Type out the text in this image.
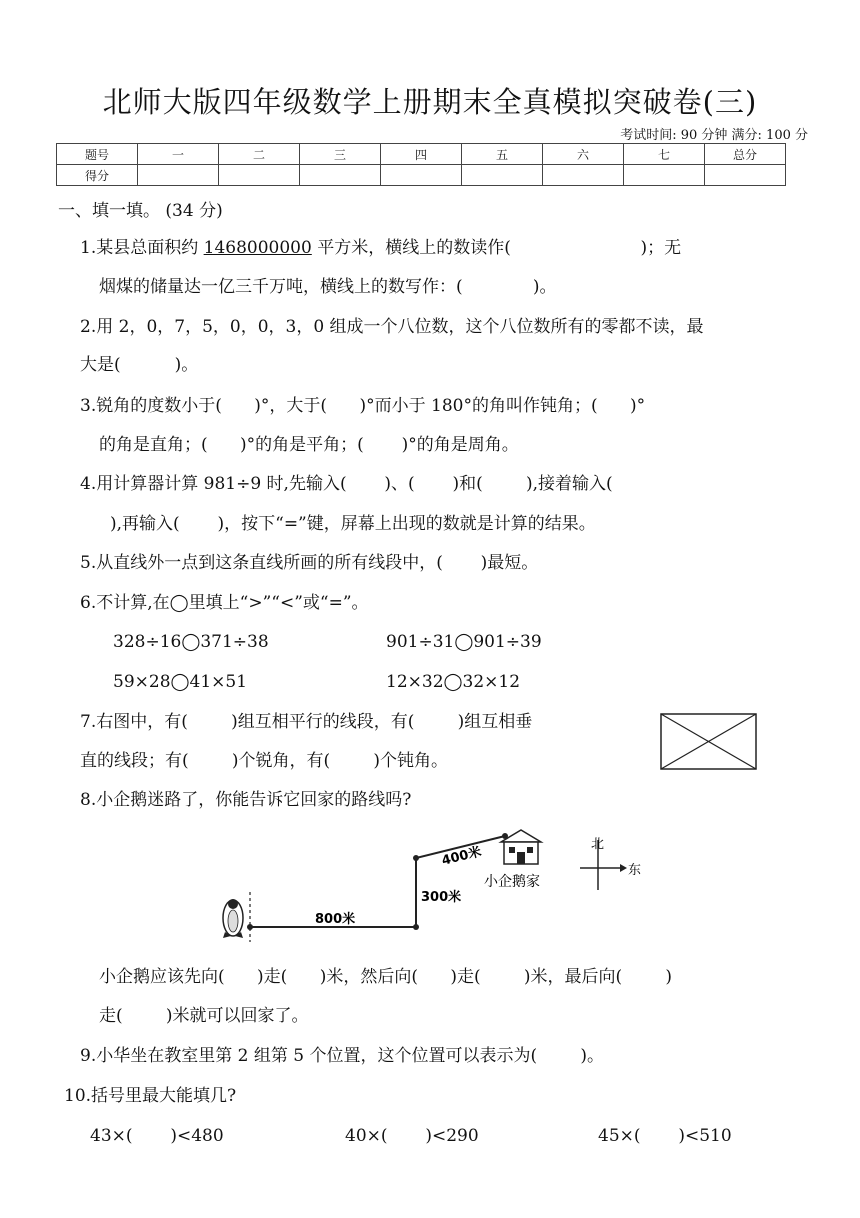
北师大版四年级数学上册期末全真模拟突破卷(三)
考试时间: 90 分钟 满分: 100 分
题号	一	二	三	四	五	六	七	总分
得分								
一、填一填。 (34 分)
1.某县总面积约 1468000000 平方米，横线上的数读作(                        )；无
烟煤的储量达一亿三千万吨，横线上的数写作：(             )。
2.用 2，0，7，5，0，0，3，0 组成一个八位数，这个八位数所有的零都不读，最
大是(          )。
3.锐角的度数小于(      )°，大于(      )°而小于 180°的角叫作钝角；(      )°
的角是直角；(      )°的角是平角；(       )°的角是周角。
4.用计算器计算 981÷9 时,先输入(       )、(       )和(        ),接着输入(
),再输入(       )，按下“=”键，屏幕上出现的数就是计算的结果。
5.从直线外一点到这条直线所画的所有线段中，(       )最短。
6.不计算,在◯里填上“>”“<”或“=”。
328÷16◯371÷38	901÷31◯901÷39
59×28◯41×51	12×32◯32×12
7.右图中，有(        )组互相平行的线段，有(        )组互相垂
直的线段；有(        )个锐角，有(        )个钝角。
8.小企鹅迷路了，你能告诉它回家的路线吗?
800米
300米
400米
小企鹅家
北
东
小企鹅应该先向(      )走(      )米，然后向(      )走(        )米，最后向(        )
走(        )米就可以回家了。
9.小华坐在教室里第 2 组第 5 个位置，这个位置可以表示为(        )。
10.括号里最大能填几?
43×(       )<480	40×(       )<290	45×(       )<510
